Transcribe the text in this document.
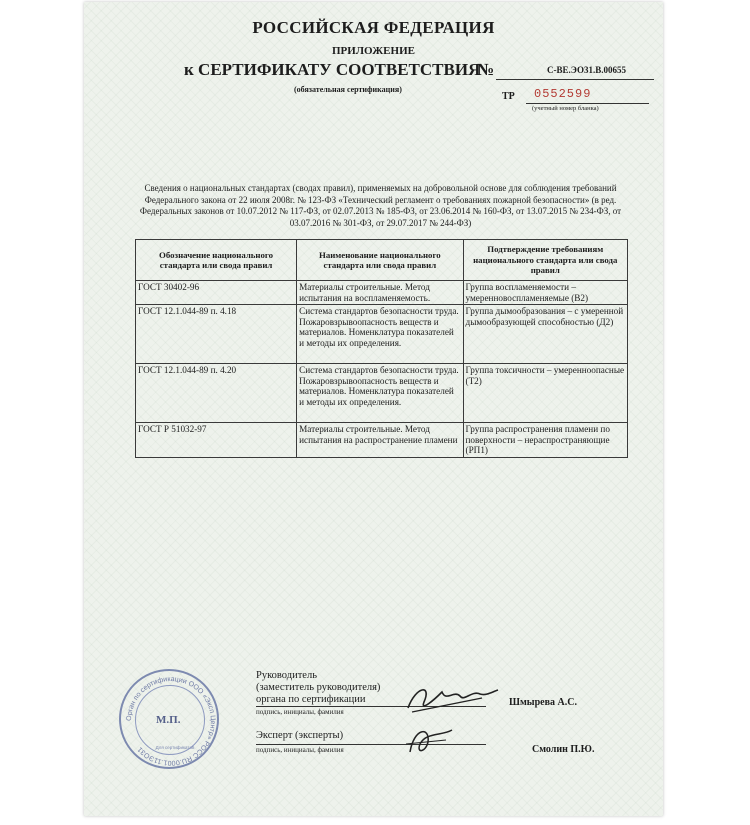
РОССИЙСКАЯ ФЕДЕРАЦИЯ
ПРИЛОЖЕНИЕ
к СЕРТИФИКАТУ СООТВЕТСТВИЯ
№	С-ВЕ.ЭО31.В.00655
(обязательная сертификация)
ТР 0552599
(учетный номер бланка)
Сведения о национальных стандартах (сводах правил), применяемых на добровольной основе для соблюдения требований Федерального закона от 22 июля 2008г. № 123-ФЗ «Технический регламент о требованиях пожарной безопасности» (в ред. Федеральных законов от 10.07.2012 № 117-ФЗ, от 02.07.2013 № 185-ФЗ, от 23.06.2014 № 160-ФЗ, от 13.07.2015 № 234-ФЗ, от 03.07.2016 № 301-ФЗ, от 29.07.2017 № 244-ФЗ)
Обозначение национального стандарта или свода правил	Наименование национального стандарта или свода правил	Подтверждение требованиям национального стандарта или свода правил
ГОСТ 30402-96	Материалы строительные. Метод испытания на воспламеняемость.	Группа воспламеняемости – умеренновоспламеняемые (В2)
ГОСТ 12.1.044-89 п. 4.18	Система стандартов безопасности труда. Пожаровзрывоопасность веществ и материалов. Номенклатура показателей и методы их определения.	Группа дымообразования – с умеренной дымообразующей способностью (Д2)
ГОСТ 12.1.044-89 п. 4.20	Система стандартов безопасности труда. Пожаровзрывоопасность веществ и материалов. Номенклатура показателей и методы их определения.	Группа токсичности – умеренноопасные (Т2)
ГОСТ Р 51032-97	Материалы строительные. Метод испытания на распространение пламени	Группа распространения пламени по поверхности – нераспространяющие (РП1)
Руководитель
(заместитель руководителя)
органа по сертификации
подпись, инициалы, фамилия
Шмырева А.С.
Эксперт (эксперты)
подпись, инициалы, фамилия	Смолин П.Ю.
Орган по сертификации ООО «Эксп Центр» РОСС RU.0001.11ЭО31	Для сертификатов
М.П.
